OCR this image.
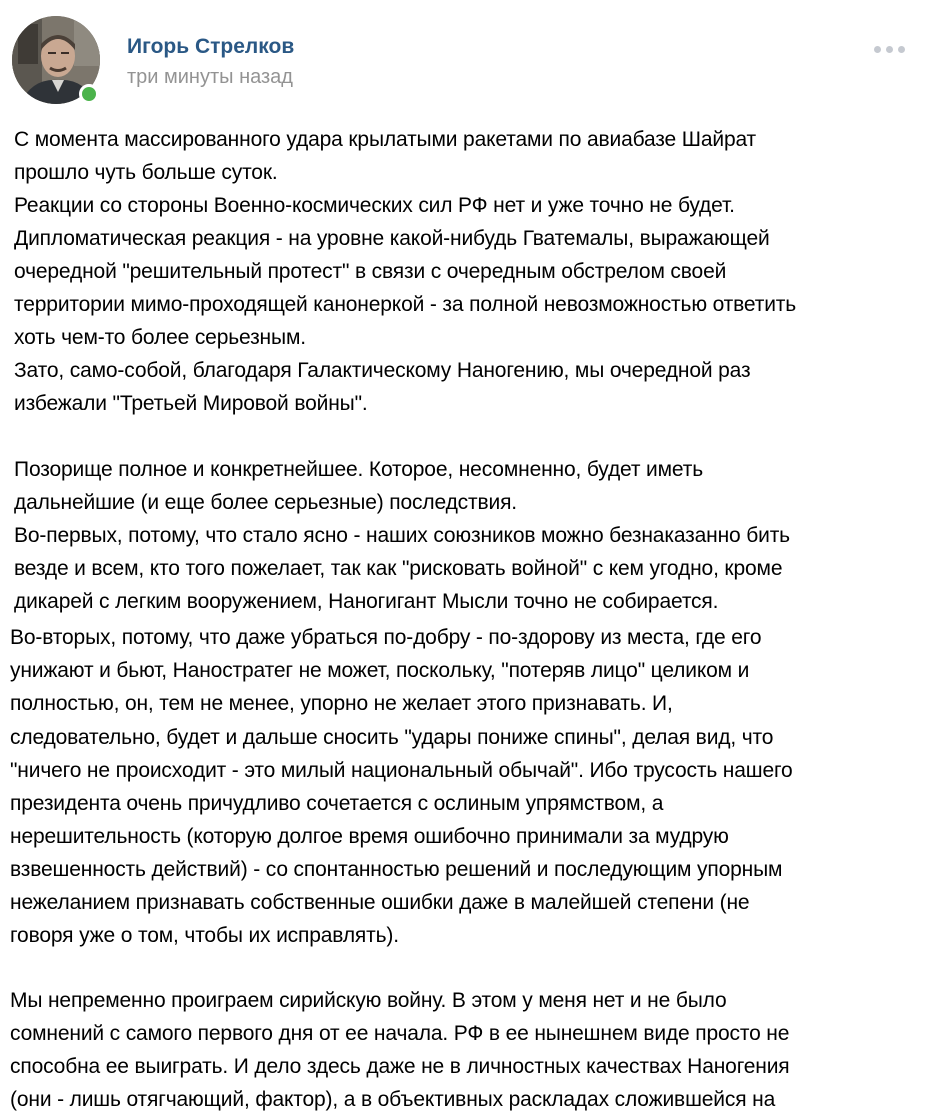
Игорь Стрелков
три минуты назад
С момента массированного удара крылатыми ракетами по авиабазе Шайрат
прошло чуть больше суток.
Реакции со стороны Военно-космических сил РФ нет и уже точно не будет.
Дипломатическая реакция - на уровне какой-нибудь Гватемалы, выражающей
очередной "решительный протест" в связи с очередным обстрелом своей
территории мимо-проходящей канонеркой - за полной невозможностью ответить
хоть чем-то более серьезным.
Зато, само-собой, благодаря Галактическому Наногению, мы очередной раз
избежали "Третьей Мировой войны".
Позорище полное и конкретнейшее. Которое, несомненно, будет иметь
дальнейшие (и еще более серьезные) последствия.
Во-первых, потому, что стало ясно - наших союзников можно безнаказанно бить
везде и всем, кто того пожелает, так как "рисковать войной" с кем угодно, кроме
дикарей с легким вооружением, Наногигант Мысли точно не собирается.
Во-вторых, потому, что даже убраться по-добру - по-здорову из места, где его
унижают и бьют, Наностратег не может, поскольку, "потеряв лицо" целиком и
полностью, он, тем не менее, упорно не желает этого признавать. И,
следовательно, будет и дальше сносить "удары пониже спины", делая вид, что
"ничего не происходит - это милый национальный обычай". Ибо трусость нашего
президента очень причудливо сочетается с ослиным упрямством, а
нерешительность (которую долгое время ошибочно принимали за мудрую
взвешенность действий) - со спонтанностью решений и последующим упорным
нежеланием признавать собственные ошибки даже в малейшей степени (не
говоря уже о том, чтобы их исправлять).
Мы непременно проиграем сирийскую войну. В этом у меня нет и не было
сомнений с самого первого дня от ее начала. РФ в ее нынешнем виде просто не
способна ее выиграть. И дело здесь даже не в личностных качествах Наногения
(они - лишь отягчающий, фактор), а в объективных раскладах сложившейся на
